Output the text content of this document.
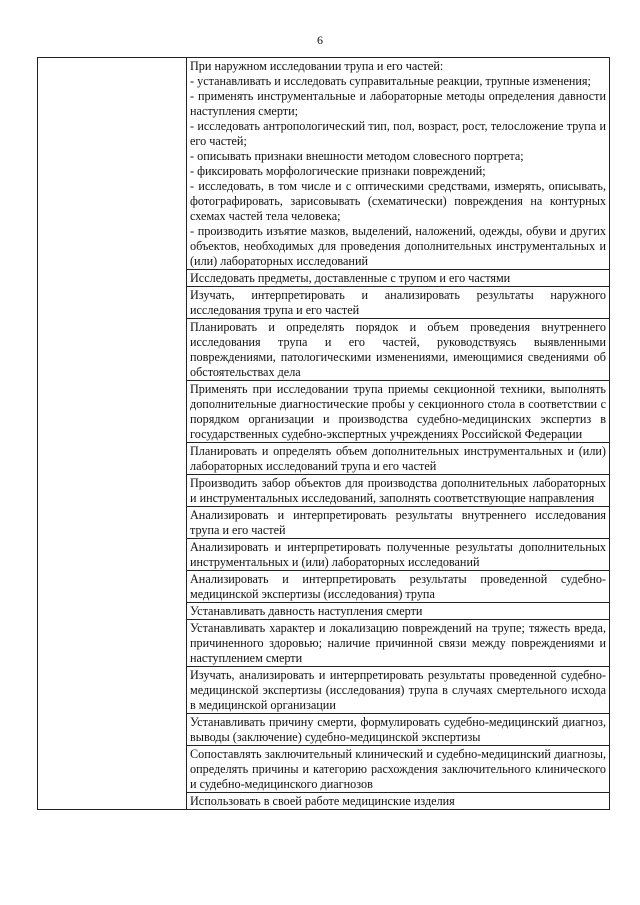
6
При наружном исследовании трупа и его частей:
- устанавливать и исследовать суправитальные реакции, трупные изменения;
- применять инструментальные и лабораторные методы определения давности наступления смерти;
- исследовать антропологический тип, пол, возраст, рост, телосложение трупа и его частей;
- описывать признаки внешности методом словесного портрета;
- фиксировать морфологические признаки повреждений;
- исследовать, в том числе и с оптическими средствами, измерять, описывать, фотографировать, зарисовывать (схематически) повреждения на контурных схемах частей тела человека;
- производить изъятие мазков, выделений, наложений, одежды, обуви и других объектов, необходимых для проведения дополнительных инструментальных и (или) лабораторных исследований
Исследовать предметы, доставленные с трупом и его частями
Изучать, интерпретировать и анализировать результаты наружного исследования трупа и его частей
Планировать и определять порядок и объем проведения внутреннего исследования трупа и его частей, руководствуясь выявленными повреждениями, патологическими изменениями, имеющимися сведениями об обстоятельствах дела
Применять при исследовании трупа приемы секционной техники, выполнять дополнительные диагностические пробы у секционного стола в соответствии с порядком организации и производства судебно-медицинских экспертиз в государственных судебно-экспертных учреждениях Российской Федерации
Планировать и определять объем дополнительных инструментальных и (или) лабораторных исследований трупа и его частей
Производить забор объектов для производства дополнительных лабораторных и инструментальных исследований, заполнять соответствующие направления
Анализировать и интерпретировать результаты внутреннего исследования трупа и его частей
Анализировать и интерпретировать полученные результаты дополнительных инструментальных и (или) лабораторных исследований
Анализировать и интерпретировать результаты проведенной судебно-медицинской экспертизы (исследования) трупа
Устанавливать давность наступления смерти
Устанавливать характер и локализацию повреждений на трупе; тяжесть вреда, причиненного здоровью; наличие причинной связи между повреждениями и наступлением смерти
Изучать, анализировать и интерпретировать результаты проведенной судебно-медицинской экспертизы (исследования) трупа в случаях смертельного исхода в медицинской организации
Устанавливать причину смерти, формулировать судебно-медицинский диагноз, выводы (заключение) судебно-медицинской экспертизы
Сопоставлять заключительный клинический и судебно-медицинский диагнозы, определять причины и категорию расхождения заключительного клинического и судебно-медицинского диагнозов
Использовать в своей работе медицинские изделия
